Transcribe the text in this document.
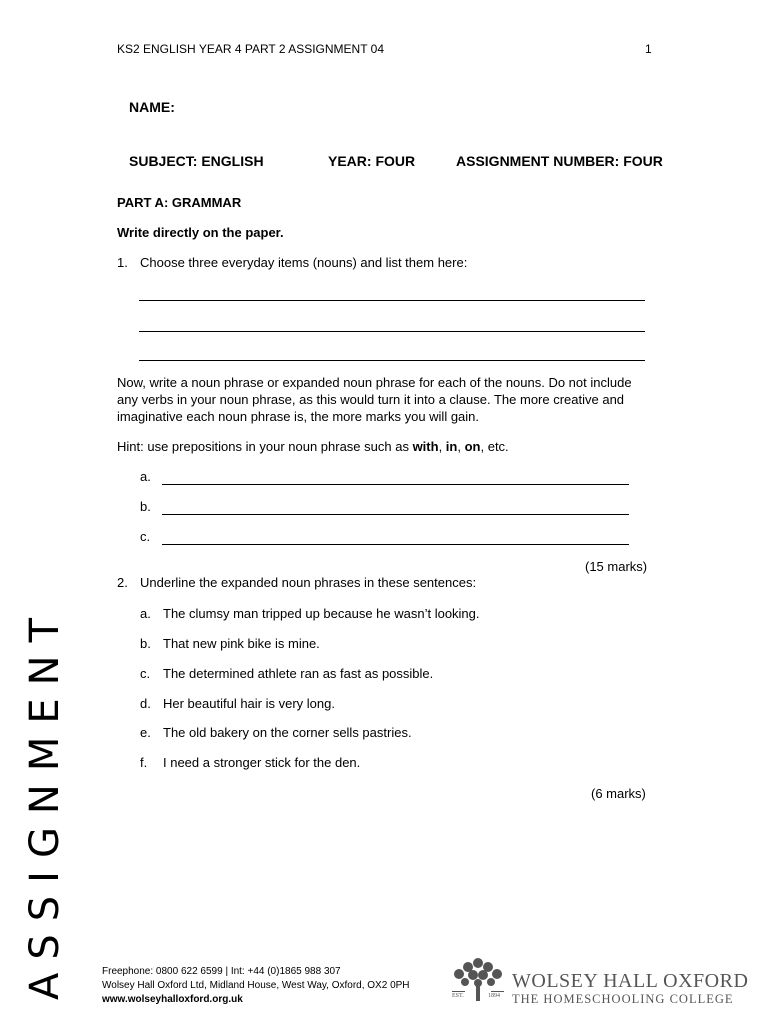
KS2 ENGLISH YEAR 4 PART 2 ASSIGNMENT 04	1
NAME:
SUBJECT: ENGLISH	YEAR: FOUR	ASSIGNMENT NUMBER: FOUR
PART A: GRAMMAR
Write directly on the paper.
1. Choose three everyday items (nouns) and list them here:
Now, write a noun phrase or expanded noun phrase for each of the nouns. Do not include any verbs in your noun phrase, as this would turn it into a clause. The more creative and imaginative each noun phrase is, the more marks you will gain.
Hint: use prepositions in your noun phrase such as with, in, on, etc.
a.
b.
c.
(15 marks)
2. Underline the expanded noun phrases in these sentences:
a. The clumsy man tripped up because he wasn’t looking.
b. That new pink bike is mine.
c. The determined athlete ran as fast as possible.
d. Her beautiful hair is very long.
e. The old bakery on the corner sells pastries.
f. I need a stronger stick for the den.
(6 marks)
ASSIGNMENT	Freephone: 0800 622 6599 | Int: +44 (0)1865 988 307
Wolsey Hall Oxford Ltd, Midland House, West Way, Oxford, OX2 0PH
www.wolseyhalloxford.org.uk	EST.	1894
WOLSEY HALL OXFORD
THE HOMESCHOOLING COLLEGE
